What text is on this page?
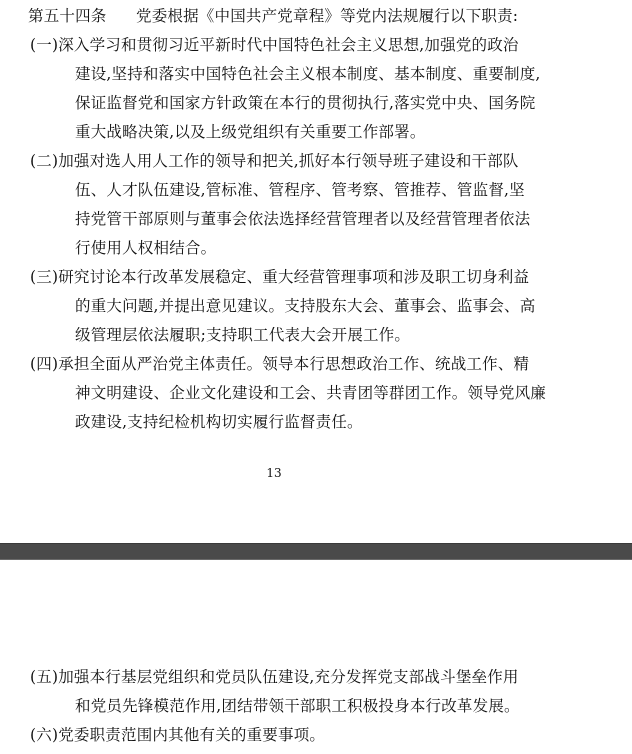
第五十四条 党委根据《中国共产党章程》等党内法规履行以下职责:
(一)深入学习和贯彻习近平新时代中国特色社会主义思想,加强党的政治
建设,坚持和落实中国特色社会主义根本制度、基本制度、重要制度,
保证监督党和国家方针政策在本行的贯彻执行,落实党中央、国务院
重大战略决策,以及上级党组织有关重要工作部署。
(二)加强对选人用人工作的领导和把关,抓好本行领导班子建设和干部队
伍、人才队伍建设,管标准、管程序、管考察、管推荐、管监督,坚
持党管干部原则与董事会依法选择经营管理者以及经营管理者依法
行使用人权相结合。
(三)研究讨论本行改革发展稳定、重大经营管理事项和涉及职工切身利益
的重大问题,并提出意见建议。支持股东大会、董事会、监事会、高
级管理层依法履职;支持职工代表大会开展工作。
(四)承担全面从严治党主体责任。领导本行思想政治工作、统战工作、精
神文明建设、企业文化建设和工会、共青团等群团工作。领导党风廉
政建设,支持纪检机构切实履行监督责任。
13
(五)加强本行基层党组织和党员队伍建设,充分发挥党支部战斗堡垒作用
和党员先锋模范作用,团结带领干部职工积极投身本行改革发展。
(六)党委职责范围内其他有关的重要事项。
